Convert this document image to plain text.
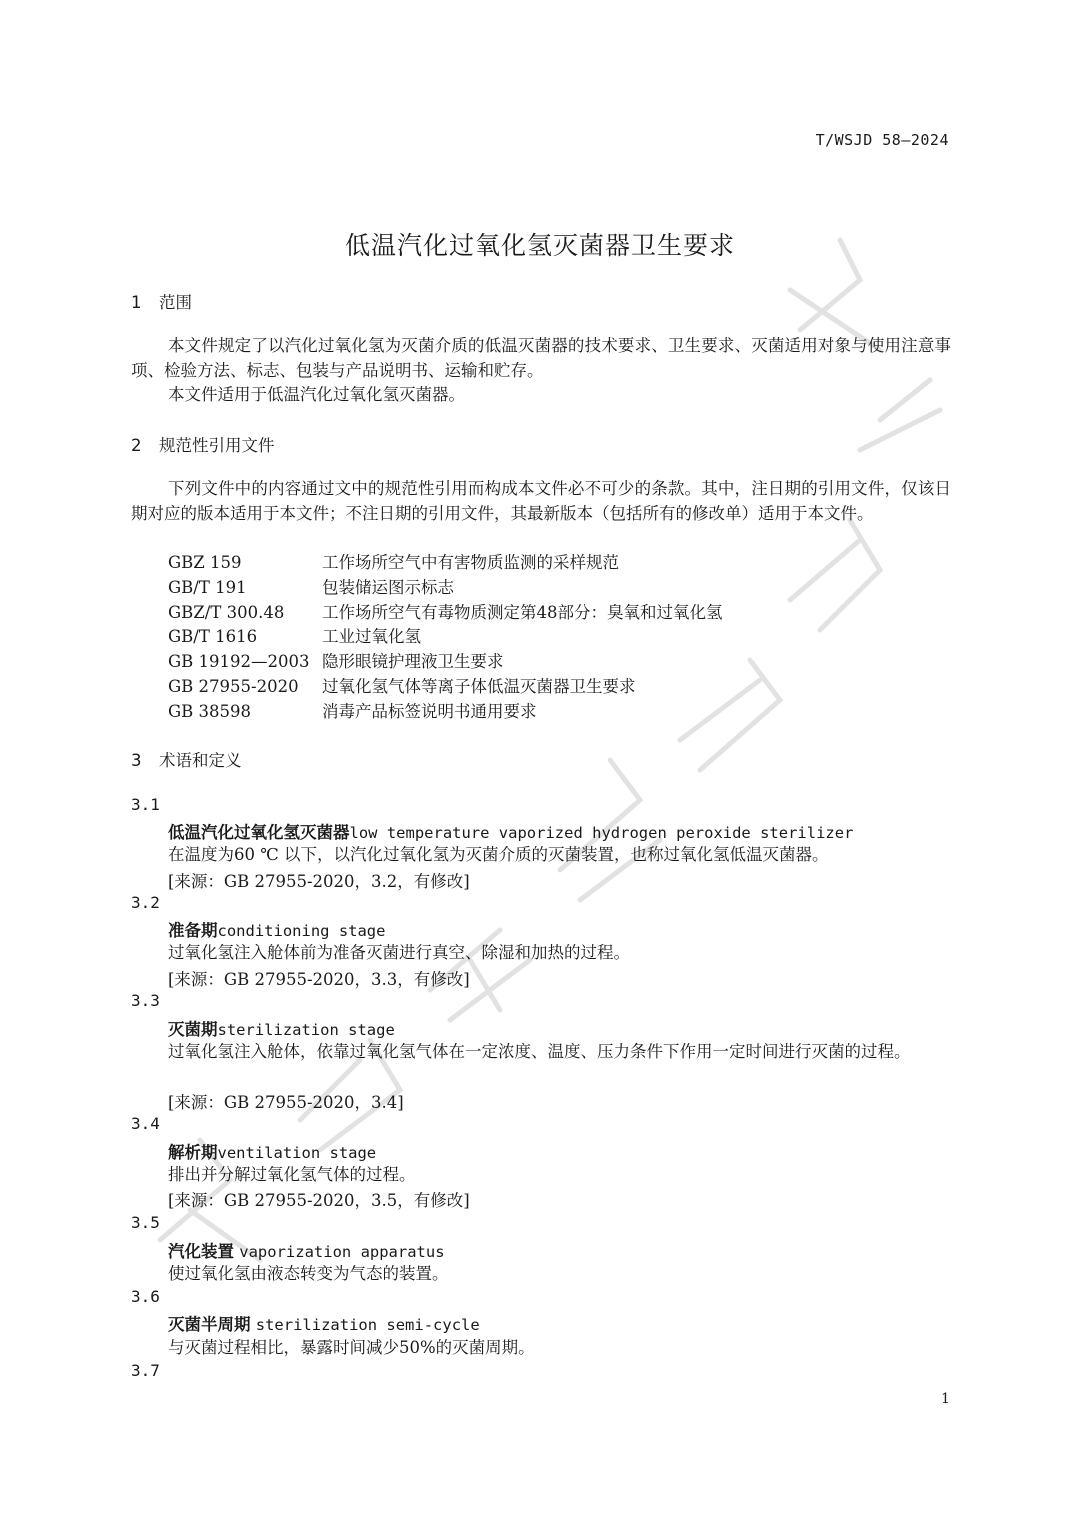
T/WSJD 58—2024
低温汽化过氧化氢灭菌器卫生要求
1 范围
本文件规定了以汽化过氧化氢为灭菌介质的低温灭菌器的技术要求、卫生要求、灭菌适用对象与使用注意事项、检验方法、标志、包装与产品说明书、运输和贮存。
本文件适用于低温汽化过氧化氢灭菌器。
2 规范性引用文件
下列文件中的内容通过文中的规范性引用而构成本文件必不可少的条款。其中，注日期的引用文件，仅该日期对应的版本适用于本文件；不注日期的引用文件，其最新版本（包括所有的修改单）适用于本文件。
GBZ 159	工作场所空气中有害物质监测的采样规范
GB/T 191	包装储运图示标志
GBZ/T 300.48 工作场所空气有毒物质测定第48部分：臭氧和过氧化氢
GB/T 1616	工业过氧化氢
GB 19192—2003 隐形眼镜护理液卫生要求
GB 27955-2020 过氧化氢气体等离子体低温灭菌器卫生要求
GB 38598	消毒产品标签说明书通用要求
3 术语和定义
3.1
低温汽化过氧化氢灭菌器low temperature vaporized hydrogen peroxide sterilizer
在温度为60 ℃ 以下，以汽化过氧化氢为灭菌介质的灭菌装置，也称过氧化氢低温灭菌器。
[来源：GB 27955-2020，3.2，有修改]
3.2
准备期conditioning stage
过氧化氢注入舱体前为准备灭菌进行真空、除湿和加热的过程。
[来源：GB 27955-2020，3.3，有修改]
3.3
灭菌期sterilization stage
过氧化氢注入舱体，依靠过氧化氢气体在一定浓度、温度、压力条件下作用一定时间进行灭菌的过程。
[来源：GB 27955-2020，3.4]
3.4
解析期ventilation stage
排出并分解过氧化氢气体的过程。
[来源：GB 27955-2020，3.5，有修改]
3.5
汽化装置 vaporization apparatus
使过氧化氢由液态转变为气态的装置。
3.6
灭菌半周期 sterilization semi-cycle
与灭菌过程相比，暴露时间减少50%的灭菌周期。
3.7
1
